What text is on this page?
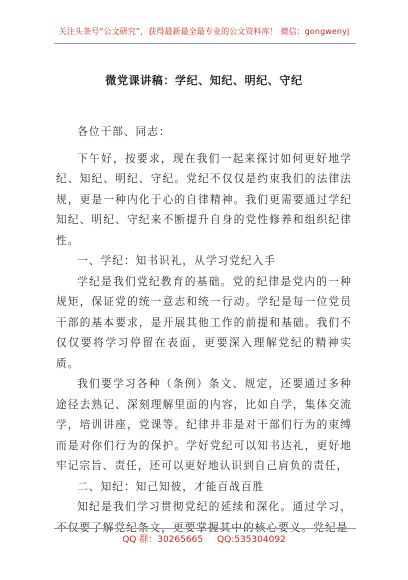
关注头条号“公文研究”，获得最新最全最专业的公文资料库！ 微信：gongwenyj
微党课讲稿：学纪、知纪、明纪、守纪

各位干部、同志：

下午好，按要求，现在我们一起来探讨如何更好地学纪、知纪、明纪、守纪。党纪不仅仅是约束我们的法律法规，更是一种内化于心的自律精神。我们更需要通过学纪知纪、明纪、守纪来不断提升自身的党性修养和组织纪律性。

一、学纪：知书识礼，从学习党纪入手

学纪是我们党纪教育的基础。党的纪律是党内的一种规矩，保证党的统一意志和统一行动。学纪是每一位党员干部的基本要求，是开展其他工作的前提和基础。我们不仅仅要将学习停留在表面，更要深入理解党纪的精神实质。

我们要学习各种（条例）条文、规定，还要通过多种途径去熟记、深刻理解里面的内容，比如自学，集体交流学，培训讲座，党课等。纪律并非是对干部们行为的束缚而是对你们行为的保护。学好党纪可以知书达礼，更好地牢记宗旨、责任，还可以更好地认识到自己肩负的责任，

二、知纪：知己知彼，才能百战百胜

知纪是我们学习贯彻党纪的延续和深化。通过学习，不仅要了解党纪条文，更要掌握其中的核心要义。党纪是

QQ 群：30265665 QQ:535304092
